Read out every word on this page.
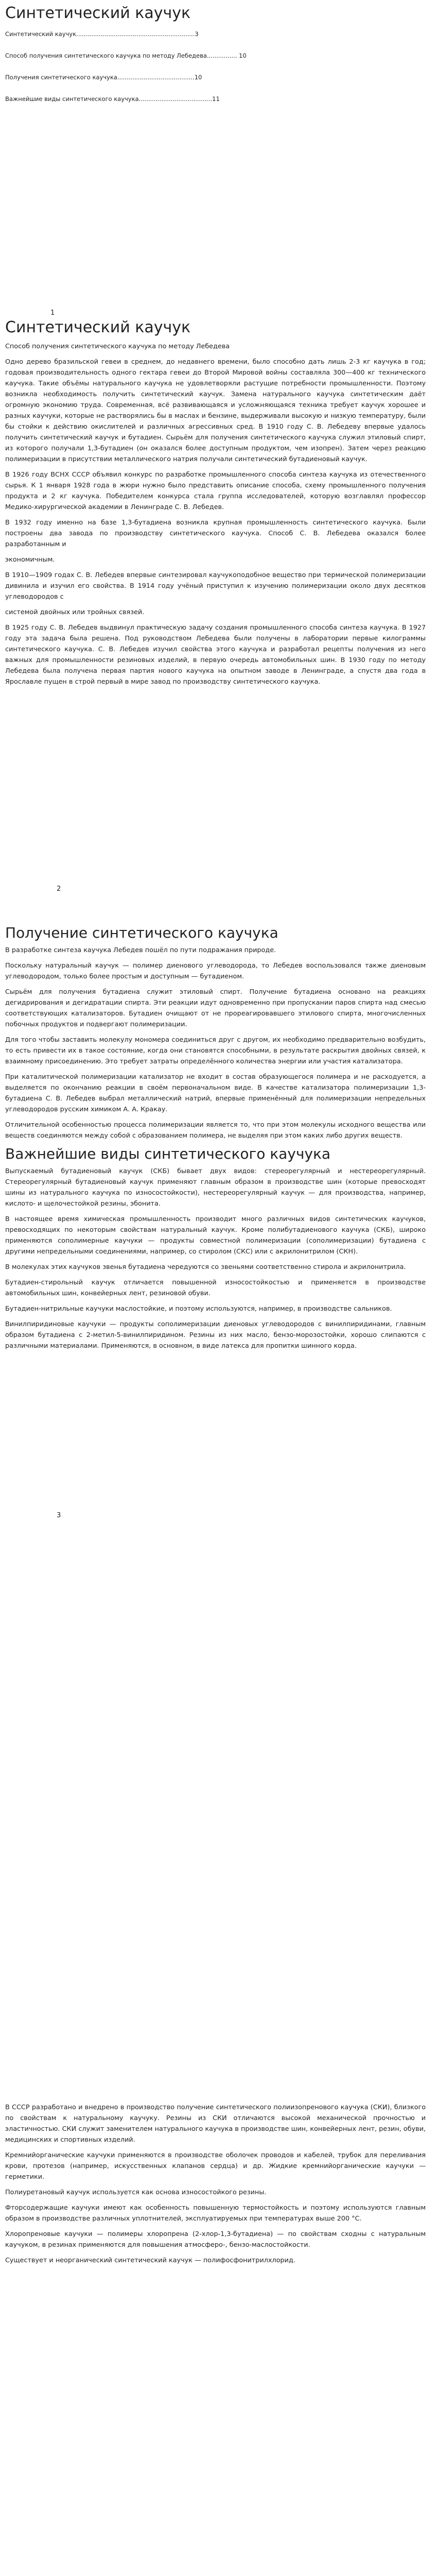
Синтетический каучук
Синтетический каучук...............................................................3
Способ получения синтетического каучука по методу Лебедева................ 10
Получения синтетического каучука.........................................10
Важнейшие виды синтетического каучука.......................................11
1
Синтетический каучук

Способ получения синтетического каучука по методу Лебедева

Одно дерево бразильской гевеи в среднем, до недавнего времени, было способно дать лишь 2-3 кг каучука в год; годовая производительность одного гектара гевеи до Второй Мировой войны составляла 300—400 кг технического каучука. Такие объёмы натурального каучука не удовлетворяли растущие потребности промышленности. Поэтому возникла необходимость получить синтетический каучук. Замена натурального каучука синтетическим даёт огромную экономию труда. Современная, всё развивающаяся и усложняющаяся техника требует каучук хорошее и разных каучуки, которые не растворялись бы в маслах и бензине, выдерживали высокую и низкую температуру, были бы стойки к действию окислителей и различных агрессивных сред. В 1910 году С. В. Лебедеву впервые удалось получить синтетический каучук и бутадиен. Сырьём для получения синтетического каучука служил этиловый спирт, из которого получали 1,3-бутадиен (он оказался более доступным продуктом, чем изопрен). Затем через реакцию полимеризации в присутствии металлического натрия получали синтетический бутадиеновый каучук.

В 1926 году ВСНХ СССР объявил конкурс по разработке промышленного способа синтеза каучука из отечественного сырья. К 1 января 1928 года в жюри нужно было представить описание способа, схему промышленного получения продукта и 2 кг каучука. Победителем конкурса стала группа исследователей, которую возглавлял профессор Медико-хирургической академии в Ленинграде С. В. Лебедев.

В 1932 году именно на базе 1,3-бутадиена возникла крупная промышленность синтетического каучука. Были построены два завода по производству синтетического каучука. Способ С. В. Лебедева оказался более разработанным и

экономичным.

В 1910—1909 годах С. В. Лебедев впервые синтезировал каучукоподобное вещество при термической полимеризации дивинила и изучил его свойства. В 1914 году учёный приступил к изучению полимеризации около двух десятков углеводородов с

системой двойных или тройных связей.

В 1925 году С. В. Лебедев выдвинул практическую задачу создания промышленного способа синтеза каучука. В 1927 году эта задача была решена. Под руководством Лебедева были получены в лаборатории первые килограммы синтетического каучука. С. В. Лебедев изучил свойства этого каучука и разработал рецепты получения из него важных для промышленности резиновых изделий, в первую очередь автомобильных шин. В 1930 году по методу Лебедева была получена первая партия нового каучука на опытном заводе в Ленинграде, а спустя два года в Ярославле пущен в строй первый в мире завод по производству синтетического каучука.

2
Получение синтетического каучука

В разработке синтеза каучука Лебедев пошёл по пути подражания природе.

Поскольку натуральный каучук — полимер диенового углеводорода, то Лебедев воспользовался также диеновым углеводородом, только более простым и доступным — бутадиеном.

Сырьём для получения бутадиена служит этиловый спирт. Получение бутадиена основано на реакциях дегидрирования и дегидратации спирта. Эти реакции идут одновременно при пропускании паров спирта над смесью соответствующих катализаторов. Бутадиен очищают от не прореагировавшего этилового спирта, многочисленных побочных продуктов и подвергают полимеризации.

Для того чтобы заставить молекулу мономера соединиться друг с другом, их необходимо предварительно возбудить, то есть привести их в такое состояние, когда они становятся способными, в результате раскрытия двойных связей, к взаимному присоединению. Это требует затраты определённого количества энергии или участия катализатора.

При каталитической полимеризации катализатор не входит в состав образующегося полимера и не расходуется, а выделяется по окончанию реакции в своём первоначальном виде. В качестве катализатора полимеризации 1,3-бутадиена С. В. Лебедев выбрал металлический натрий, впервые применённый для полимеризации непредельных углеводородов русским химиком А. А. Кракау.

Отличительной особенностью процесса полимеризации является то, что при этом молекулы исходного вещества или веществ соединяются между собой с образованием полимера, не выделяя при этом каких либо других веществ.

Важнейшие виды синтетического каучука

Выпускаемый бутадиеновый каучук (СКБ) бывает двух видов: стереорегулярный и нестереорегулярный. Стереорегулярный бутадиеновый каучук применяют главным образом в производстве шин (которые превосходят шины из натурального каучука по износостойкости), нестереорегулярный каучук — для производства, например, кислото- и щелочестойкой резины, эбонита.

В настоящее время химическая промышленность производит много различных видов синтетических каучуков, превосходящих по некоторым свойствам натуральный каучук. Кроме полибутадиенового каучука (СКБ), широко применяются сополимерные каучуки — продукты совместной полимеризации (сополимеризации) бутадиена с другими непредельными соединениями, например, со стиролом (СКС) или с акрилонитрилом (СКН).

В молекулах этих каучуков звенья бутадиена чередуются со звеньями соответственно стирола и акрилонитрила.

Бутадиен-стирольный каучук отличается повышенной износостойкостью и применяется в производстве автомобильных шин, конвейерных лент, резиновой обуви.

Бутадиен-нитрильные каучуки маслостойкие, и поэтому используются, например, в производстве сальников.

Винилпиридиновые каучуки — продукты сополимеризации диеновых углеводородов с винилпиридинами, главным образом бутадиена с 2-метил-5-винилпиридином. Резины из них масло, бензо-морозостойки, хорошо слипаются с различными материалами. Применяются, в основном, в виде латекса для пропитки шинного корда.

3

В СССР разработано и внедрено в производство получение синтетического полиизопренового каучука (СКИ), близкого по свойствам к натуральному каучуку. Резины из СКИ отличаются высокой механической прочностью и эластичностью. СКИ служит заменителем натурального каучука в производстве шин, конвейерных лент, резин, обуви, медицинских и спортивных изделий.

Кремнийорганические каучуки применяются в производстве оболочек проводов и кабелей, трубок для переливания крови, протезов (например, искусственных клапанов сердца) и др. Жидкие кремнийорганические каучуки — герметики.

Полиуретановый каучук используется как основа износостойкого резины.

Фторсодержащие каучуки имеют как особенность повышенную термостойкость и поэтому используются главным образом в производстве различных уплотнителей, эксплуатируемых при температурах выше 200 °С.

Хлоропреновые каучуки — полимеры хлоропрена (2-хлор-1,3-бутадиена) — по свойствам сходны с натуральным каучуком, в резинах применяются для повышения атмосферо-, бензо-маслостойкости.

Существует и неорганический синтетический каучук — полифосфонитрилхлорид.
